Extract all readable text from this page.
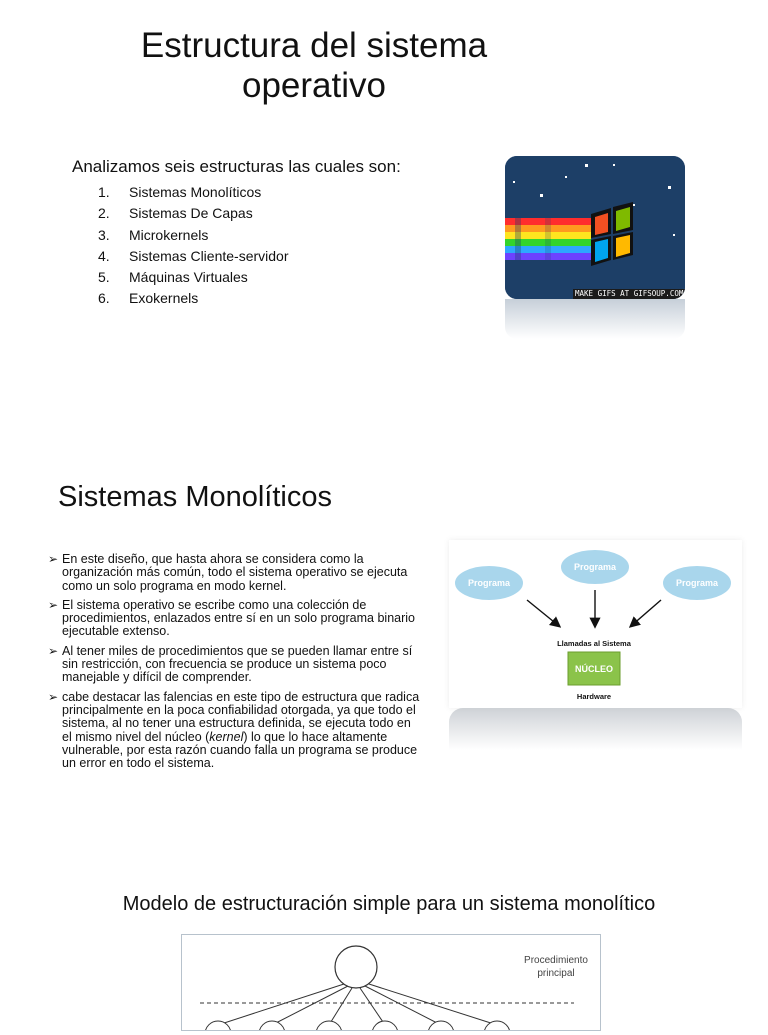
Estructura del sistema
operativo
Analizamos seis estructuras las cuales son:
1.	Sistemas Monolíticos
2.	Sistemas De Capas
3.	Microkernels
4.	Sistemas Cliente-servidor
5.	Máquinas Virtuales
6.	Exokernels	MAKE GIFS AT GIFSOUP.COM
Sistemas Monolíticos
➢ En este diseño, que hasta ahora se considera como la organización más común, todo el sistema operativo se ejecuta como un solo programa en modo kernel.
➢ El sistema operativo se escribe como una colección de procedimientos, enlazados entre sí en un solo programa binario ejecutable extenso.
➢ Al tener miles de procedimientos que se pueden llamar entre sí sin restricción, con frecuencia se produce un sistema poco manejable y difícil de comprender.
➢ cabe destacar las falencias en este tipo de estructura que radica principalmente en la poca confiabilidad otorgada, ya que todo el sistema, al no tener una estructura definida, se ejecuta todo en el mismo nivel del núcleo (kernel) lo que lo hace altamente vulnerable, por esta razón cuando falla un programa se produce un error en todo el sistema.
Programa
Programa
Programa
Llamadas al Sistema
NÚCLEO
Hardware
Modelo de estructuración simple para un sistema monolítico
Procedimiento
principal
